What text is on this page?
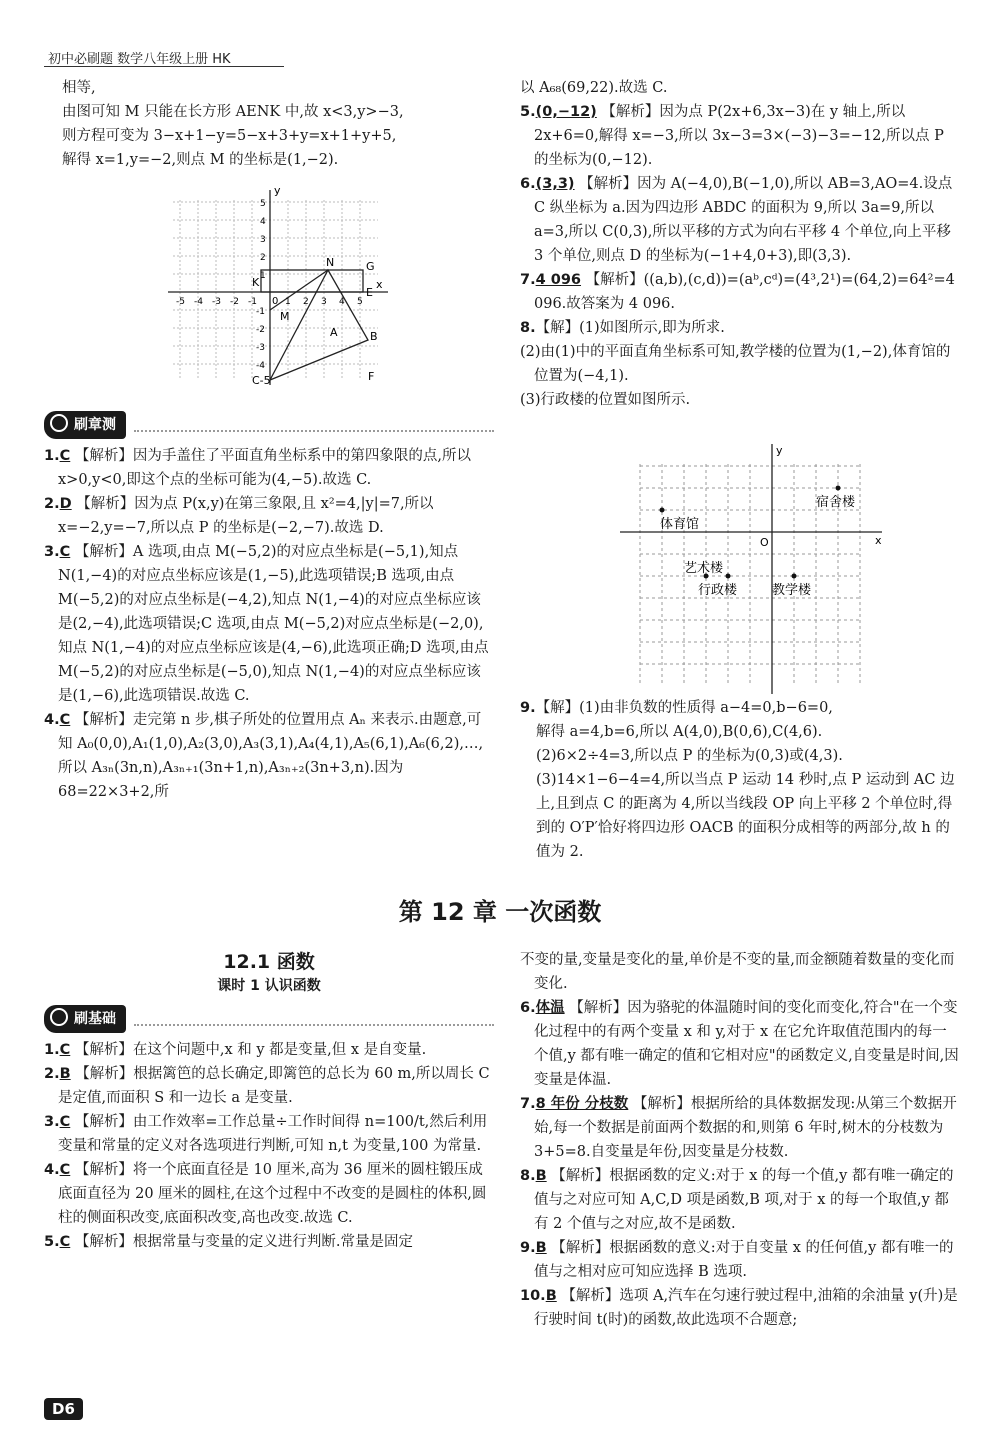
初中必刷题 数学八年级上册 HK

相等,

由图可知 M 只能在长方形 AENK 中,故 x<3,y>−3,

则方程可变为 3−x+1−y=5−x+3+y=x+1+y+5,

解得 x=1,y=−2,则点 M 的坐标是(1,−2).

x
y
G
E
K
N
M
A	B
C-5	F
0
-5 -4 -3 -2 -1	1 2 3 4 5
5
4
3
2
1
-1
-2
-3
-4
刷章测

1.C 【解析】因为手盖住了平面直角坐标系中的第四象限的点,所以 x>0,y<0,即这个点的坐标可能为(4,−5).故选 C.

2.D 【解析】因为点 P(x,y)在第三象限,且 x²=4,|y|=7,所以 x=−2,y=−7,所以点 P 的坐标是(−2,−7).故选 D.

3.C 【解析】A 选项,由点 M(−5,2)的对应点坐标是(−5,1),知点 N(1,−4)的对应点坐标应该是(1,−5),此选项错误;B 选项,由点 M(−5,2)的对应点坐标是(−4,2),知点 N(1,−4)的对应点坐标应该是(2,−4),此选项错误;C 选项,由点 M(−5,2)对应点坐标是(−2,0),知点 N(1,−4)的对应点坐标应该是(4,−6),此选项正确;D 选项,由点 M(−5,2)的对应点坐标是(−5,0),知点 N(1,−4)的对应点坐标应该是(1,−6),此选项错误.故选 C.

4.C 【解析】走完第 n 步,棋子所处的位置用点 Aₙ 来表示.由题意,可知 A₀(0,0),A₁(1,0),A₂(3,0),A₃(3,1),A₄(4,1),A₅(6,1),A₆(6,2),…,所以 A₃ₙ(3n,n),A₃ₙ₊₁(3n+1,n),A₃ₙ₊₂(3n+3,n).因为 68=22×3+2,所

以 A₆₈(69,22).故选 C.

5.(0,−12) 【解析】因为点 P(2x+6,3x−3)在 y 轴上,所以 2x+6=0,解得 x=−3,所以 3x−3=3×(−3)−3=−12,所以点 P 的坐标为(0,−12).

6.(3,3) 【解析】因为 A(−4,0),B(−1,0),所以 AB=3,AO=4.设点 C 纵坐标为 a.因为四边形 ABDC 的面积为 9,所以 3a=9,所以 a=3,所以 C(0,3),所以平移的方式为向右平移 4 个单位,向上平移 3 个单位,则点 D 的坐标为(−1+4,0+3),即(3,3).

7.4 096 【解析】((a,b),(c,d))=(aᵇ,cᵈ)=(4³,2¹)=(64,2)=64²=4 096.故答案为 4 096.

8.【解】(1)如图所示,即为所求.

(2)由(1)中的平面直角坐标系可知,教学楼的位置为(1,−2),体育馆的位置为(−4,1).

(3)行政楼的位置如图所示.

宿舍楼
体育馆
艺术楼
行政楼	教学楼
O	x
y

9.【解】(1)由非负数的性质得 a−4=0,b−6=0,

解得 a=4,b=6,所以 A(4,0),B(0,6),C(4,6).

(2)6×2÷4=3,所以点 P 的坐标为(0,3)或(4,3).

(3)14×1−6−4=4,所以当点 P 运动 14 秒时,点 P 运动到 AC 边上,且到点 C 的距离为 4,所以当线段 OP 向上平移 2 个单位时,得到的 O′P′恰好将四边形 OACB 的面积分成相等的两部分,故 h 的值为 2.

第 12 章 一次函数
12.1 函数
课时 1 认识函数
刷基础

1.C 【解析】在这个问题中,x 和 y 都是变量,但 x 是自变量.

2.B 【解析】根据篱笆的总长确定,即篱笆的总长为 60 m,所以周长 C 是定值,而面积 S 和一边长 a 是变量.

3.C 【解析】由工作效率=工作总量÷工作时间得 n=100/t,然后利用变量和常量的定义对各选项进行判断,可知 n,t 为变量,100 为常量.

4.C 【解析】将一个底面直径是 10 厘米,高为 36 厘米的圆柱锻压成底面直径为 20 厘米的圆柱,在这个过程中不改变的是圆柱的体积,圆柱的侧面积改变,底面积改变,高也改变.故选 C.

5.C 【解析】根据常量与变量的定义进行判断.常量是固定

不变的量,变量是变化的量,单价是不变的量,而金额随着数量的变化而变化.

6.体温 【解析】因为骆驼的体温随时间的变化而变化,符合"在一个变化过程中的有两个变量 x 和 y,对于 x 在它允许取值范围内的每一个值,y 都有唯一确定的值和它相对应"的函数定义,自变量是时间,因变量是体温.

7.8 年份 分枝数 【解析】根据所给的具体数据发现:从第三个数据开始,每一个数据是前面两个数据的和,则第 6 年时,树木的分枝数为 3+5=8.自变量是年份,因变量是分枝数.

8.B 【解析】根据函数的定义:对于 x 的每一个值,y 都有唯一确定的值与之对应可知 A,C,D 项是函数,B 项,对于 x 的每一个取值,y 都有 2 个值与之对应,故不是函数.

9.B 【解析】根据函数的意义:对于自变量 x 的任何值,y 都有唯一的值与之相对应可知应选择 B 选项.

10.B 【解析】选项 A,汽车在匀速行驶过程中,油箱的余油量 y(升)是行驶时间 t(时)的函数,故此选项不合题意;

D6
